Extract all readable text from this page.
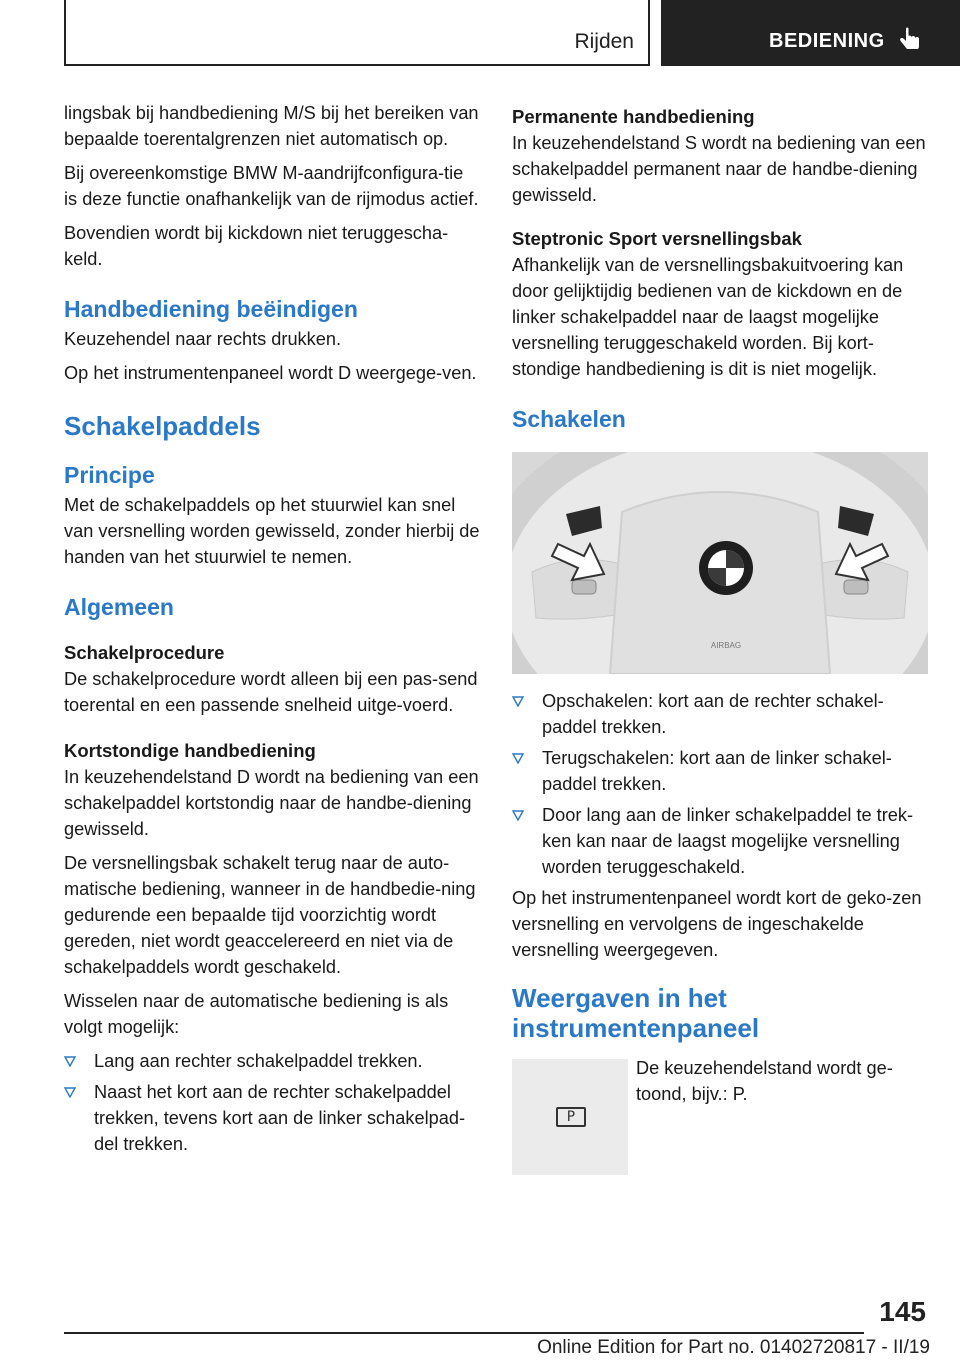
Rijden	BEDIENING

lingsbak bij handbediening M/S bij het bereiken van bepaalde toerentalgrenzen niet automatisch op.

Bij overeenkomstige BMW M-aandrijfconfigura-tie is deze functie onafhankelijk van de rijmodus actief.

Bovendien wordt bij kickdown niet teruggescha-keld.

Handbediening beëindigen

Keuzehendel naar rechts drukken.

Op het instrumentenpaneel wordt D weergege-ven.

Schakelpaddels
Principe

Met de schakelpaddels op het stuurwiel kan snel van versnelling worden gewisseld, zonder hierbij de handen van het stuurwiel te nemen.

Algemeen
Schakelprocedure

De schakelprocedure wordt alleen bij een pas-send toerental en een passende snelheid uitge-voerd.

Kortstondige handbediening

In keuzehendelstand D wordt na bediening van een schakelpaddel kortstondig naar de handbe-diening gewisseld.

De versnellingsbak schakelt terug naar de auto-matische bediening, wanneer in de handbedie-ning gedurende een bepaalde tijd voorzichtig wordt gereden, niet wordt geaccelereerd en niet via de schakelpaddels wordt geschakeld.

Wisselen naar de automatische bediening is als volgt mogelijk:

Lang aan rechter schakelpaddel trekken.
Naast het kort aan de rechter schakelpaddel trekken, tevens kort aan de linker schakelpad-del trekken.
Permanente handbediening

In keuzehendelstand S wordt na bediening van een schakelpaddel permanent naar de handbe-diening gewisseld.

Steptronic Sport versnellingsbak

Afhankelijk van de versnellingsbakuitvoering kan door gelijktijdig bedienen van de kickdown en de linker schakelpaddel naar de laagst mogelijke versnelling teruggeschakeld worden. Bij kort-stondige handbediening is dit is niet mogelijk.

Schakelen
AIRBAG
Opschakelen: kort aan de rechter schakel-paddel trekken.
Terugschakelen: kort aan de linker schakel-paddel trekken.
Door lang aan de linker schakelpaddel te trek-ken kan naar de laagst mogelijke versnelling worden teruggeschakeld.

Op het instrumentenpaneel wordt kort de geko-zen versnelling en vervolgens de ingeschakelde versnelling weergegeven.

Weergaven in het instrumentenpaneel
P

De keuzehendelstand wordt ge-toond, bijv.: P.

145
Online Edition for Part no. 01402720817 - II/19
